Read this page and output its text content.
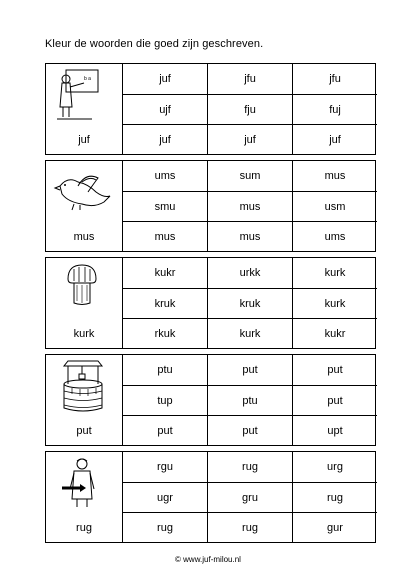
Kleur de woorden die goed zijn geschreven.
b a
juf
juf	jfu	jfu
ujf	fju	fuj
juf	juf	juf
mus
ums	sum	mus
smu	mus	usm
mus	mus	ums
kurk
kukr	urkk	kurk
kruk	kruk	kurk
rkuk	kurk	kukr
put
ptu	put	put
tup	ptu	put
put	put	upt
rug
rgu	rug	urg
ugr	gru	rug
rug	rug	gur
© www.juf-milou.nl
